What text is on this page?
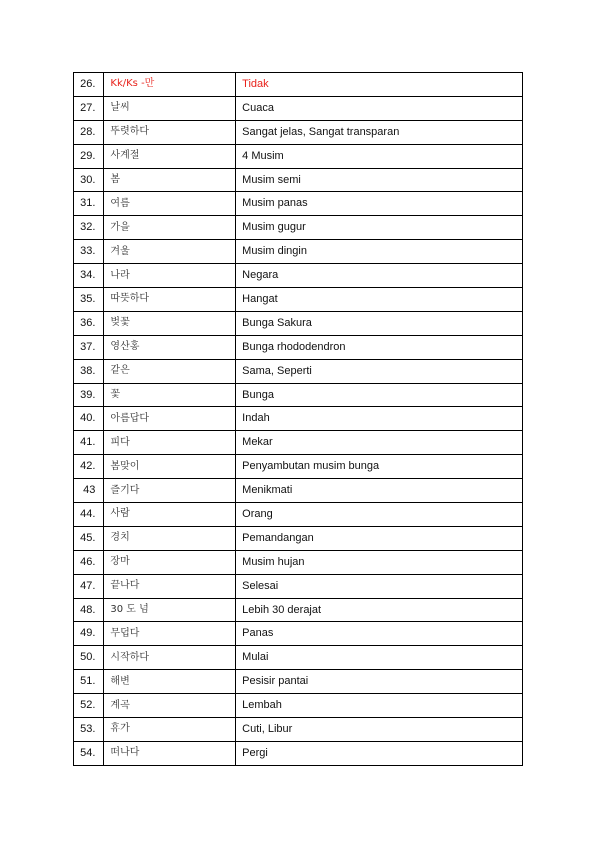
26.	Kk/Ks -만	Tidak
27.	날씨	Cuaca
28.	뚜렷하다	Sangat jelas, Sangat transparan
29.	사계절	4 Musim
30.	봄	Musim semi
31.	여름	Musim panas
32.	가을	Musim gugur
33.	겨울	Musim dingin
34.	나라	Negara
35.	따뜻하다	Hangat
36.	벚꽃	Bunga Sakura
37.	영산홍	Bunga rhododendron
38.	같은	Sama, Seperti
39.	꽃	Bunga
40.	아름답다	Indah
41.	피다	Mekar
42.	봄맞이	Penyambutan musim bunga
43	즐기다	Menikmati
44.	사람	Orang
45.	경치	Pemandangan
46.	장마	Musim hujan
47.	끝나다	Selesai
48.	30 도 넘	Lebih 30 derajat
49.	무덥다	Panas
50.	시작하다	Mulai
51.	해변	Pesisir pantai
52.	계곡	Lembah
53.	휴가	Cuti, Libur
54.	떠나다	Pergi
